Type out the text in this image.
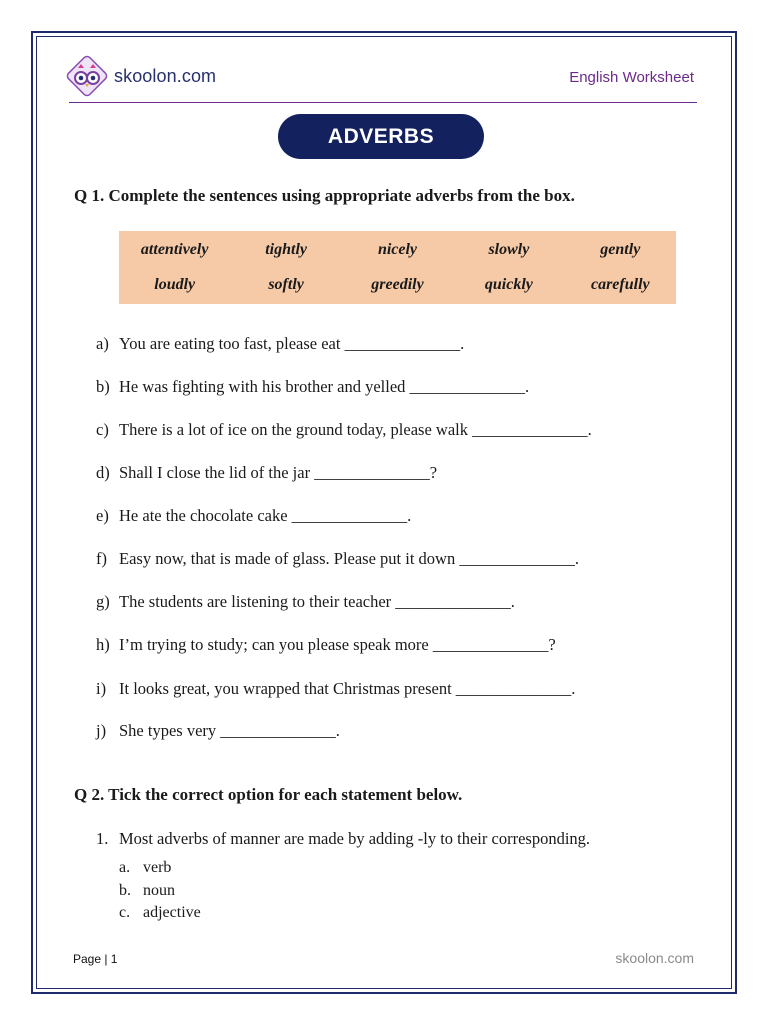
skoolon.com	English Worksheet
ADVERBS
Q 1. Complete the sentences using appropriate adverbs from the box.
attentively	tightly	nicely	slowly	gently
loudly	softly	greedily	quickly	carefully
a) You are eating too fast, please eat ______________.
b) He was fighting with his brother and yelled ______________.
c) There is a lot of ice on the ground today, please walk ______________.
d) Shall I close the lid of the jar ______________?
e) He ate the chocolate cake ______________.
f) Easy now, that is made of glass. Please put it down ______________.
g) The students are listening to their teacher ______________.
h) I’m trying to study; can you please speak more ______________?
i) It looks great, you wrapped that Christmas present ______________.
j) She types very ______________.
Q 2. Tick the correct option for each statement below.
1. Most adverbs of manner are made by adding -ly to their corresponding.
a. verb
b. noun
c. adjective
Page | 1	skoolon.com
